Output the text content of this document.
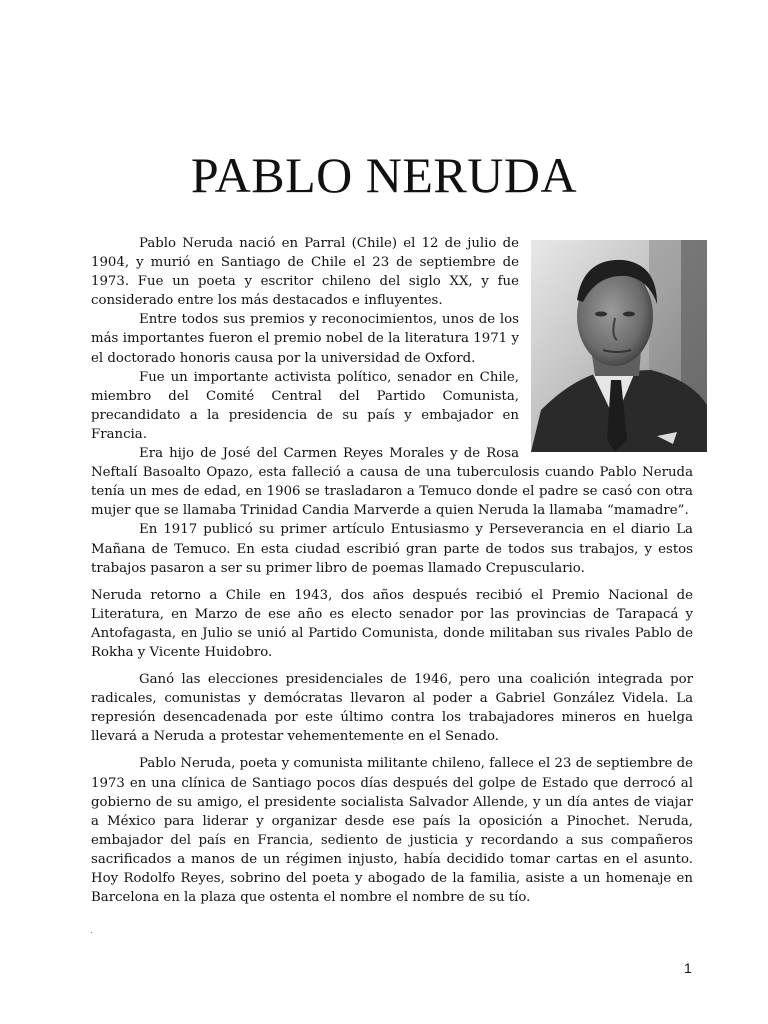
PABLO NERUDA

Pablo Neruda nació en Parral (Chile) el 12 de julio de 1904, y murió en Santiago de Chile el 23 de septiembre de 1973. Fue un poeta y escritor chileno del siglo XX, y fue considerado entre los más destacados e influyentes.

Entre todos sus premios y reconocimientos, unos de los más importantes fueron el premio nobel de la literatura 1971 y el doctorado honoris causa por la universidad de Oxford.

Fue un importante activista político, senador en Chile, miembro del Comité Central del Partido Comunista, precandidato a la presidencia de su país y embajador en Francia.

Era hijo de José del Carmen Reyes Morales y de Rosa Neftalí Basoalto Opazo, esta falleció a causa de una tuberculosis cuando Pablo Neruda tenía un mes de edad, en 1906 se trasladaron a Temuco donde el padre se casó con otra mujer que se llamaba Trinidad Candia Marverde a quien Neruda la llamaba “mamadre”.

En 1917 publicó su primer artículo Entusiasmo y Perseverancia en el diario La Mañana de Temuco. En esta ciudad escribió gran parte de todos sus trabajos, y estos trabajos pasaron a ser su primer libro de poemas llamado Crepusculario.

Neruda retorno a Chile en 1943, dos años después recibió el Premio Nacional de Literatura, en Marzo de ese año es electo senador por las provincias de Tarapacá y Antofagasta, en Julio se unió al Partido Comunista, donde militaban sus rivales Pablo de Rokha y Vicente Huidobro.

Ganó las elecciones presidenciales de 1946, pero una coalición integrada por radicales, comunistas y demócratas llevaron al poder a Gabriel González Videla. La represión desencadenada por este último contra los trabajadores mineros en huelga llevará a Neruda a protestar vehementemente en el Senado.

Pablo Neruda, poeta y comunista militante chileno, fallece el 23 de septiembre de 1973 en una clínica de Santiago pocos días después del golpe de Estado que derrocó al gobierno de su amigo, el presidente socialista Salvador Allende, y un día antes de viajar a México para liderar y organizar desde ese país la oposición a Pinochet. Neruda, embajador del país en Francia, sediento de justicia y recordando a sus compañeros sacrificados a manos de un régimen injusto, había decidido tomar cartas en el asunto. Hoy Rodolfo Reyes, sobrino del poeta y abogado de la familia, asiste a un homenaje en Barcelona en la plaza que ostenta el nombre el nombre de su tío.

.
1
